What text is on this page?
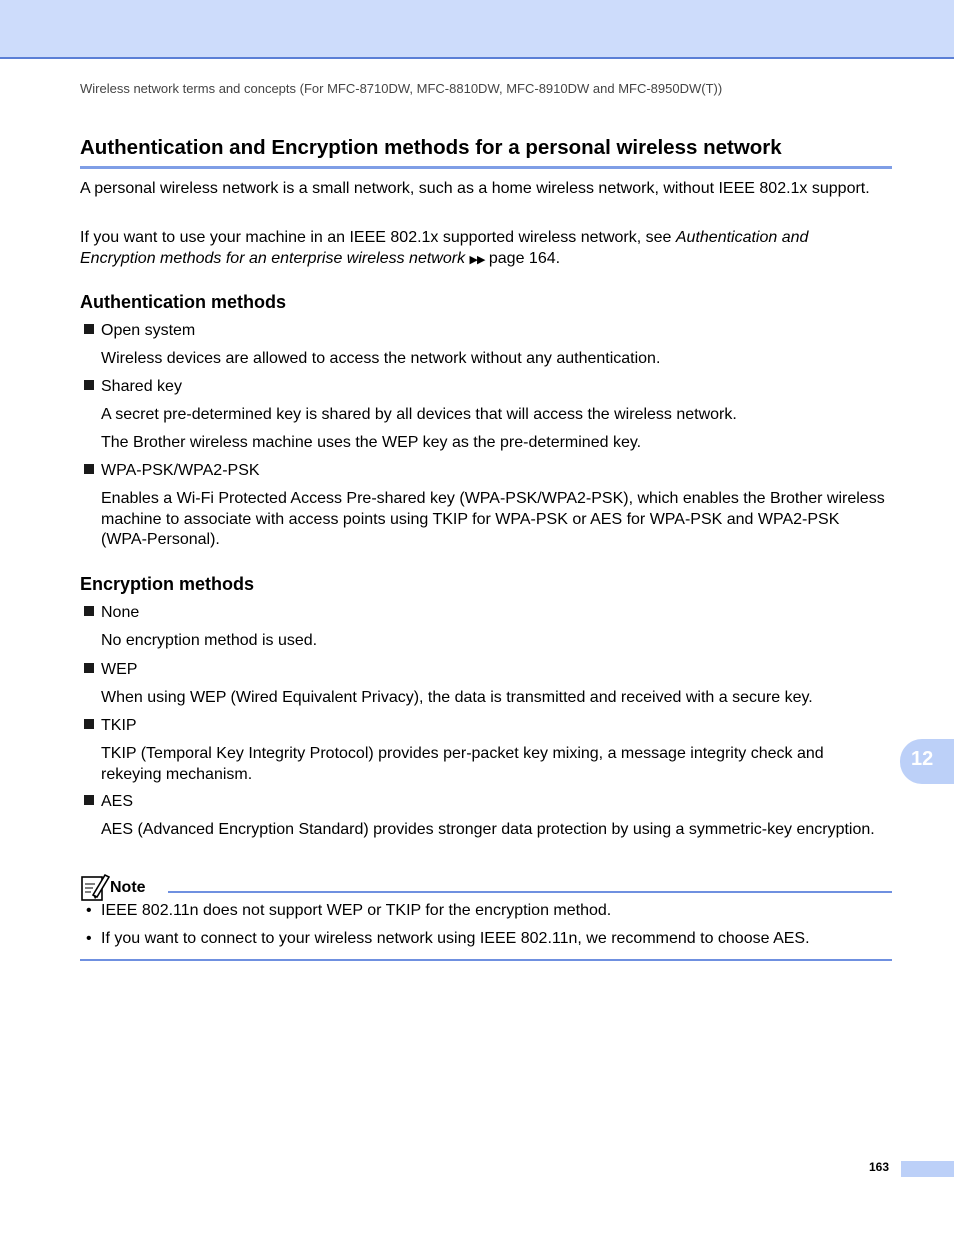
Wireless network terms and concepts (For MFC-8710DW, MFC-8810DW, MFC-8910DW and MFC-8950DW(T))
Authentication and Encryption methods for a personal wireless network
A personal wireless network is a small network, such as a home wireless network, without IEEE 802.1x support.
If you want to use your machine in an IEEE 802.1x supported wireless network, see Authentication and Encryption methods for an enterprise wireless network ▶▶ page 164.
Authentication methods
Open system
Wireless devices are allowed to access the network without any authentication.
Shared key
A secret pre-determined key is shared by all devices that will access the wireless network.
The Brother wireless machine uses the WEP key as the pre-determined key.
WPA-PSK/WPA2-PSK
Enables a Wi-Fi Protected Access Pre-shared key (WPA-PSK/WPA2-PSK), which enables the Brother wireless machine to associate with access points using TKIP for WPA-PSK or AES for WPA-PSK and WPA2-PSK (WPA-Personal).
Encryption methods
None
No encryption method is used.
WEP
When using WEP (Wired Equivalent Privacy), the data is transmitted and received with a secure key.
TKIP
TKIP (Temporal Key Integrity Protocol) provides per-packet key mixing, a message integrity check and rekeying mechanism.
AES
AES (Advanced Encryption Standard) provides stronger data protection by using a symmetric-key encryption.
12
Note
• IEEE 802.11n does not support WEP or TKIP for the encryption method.
• If you want to connect to your wireless network using IEEE 802.11n, we recommend to choose AES.
163
